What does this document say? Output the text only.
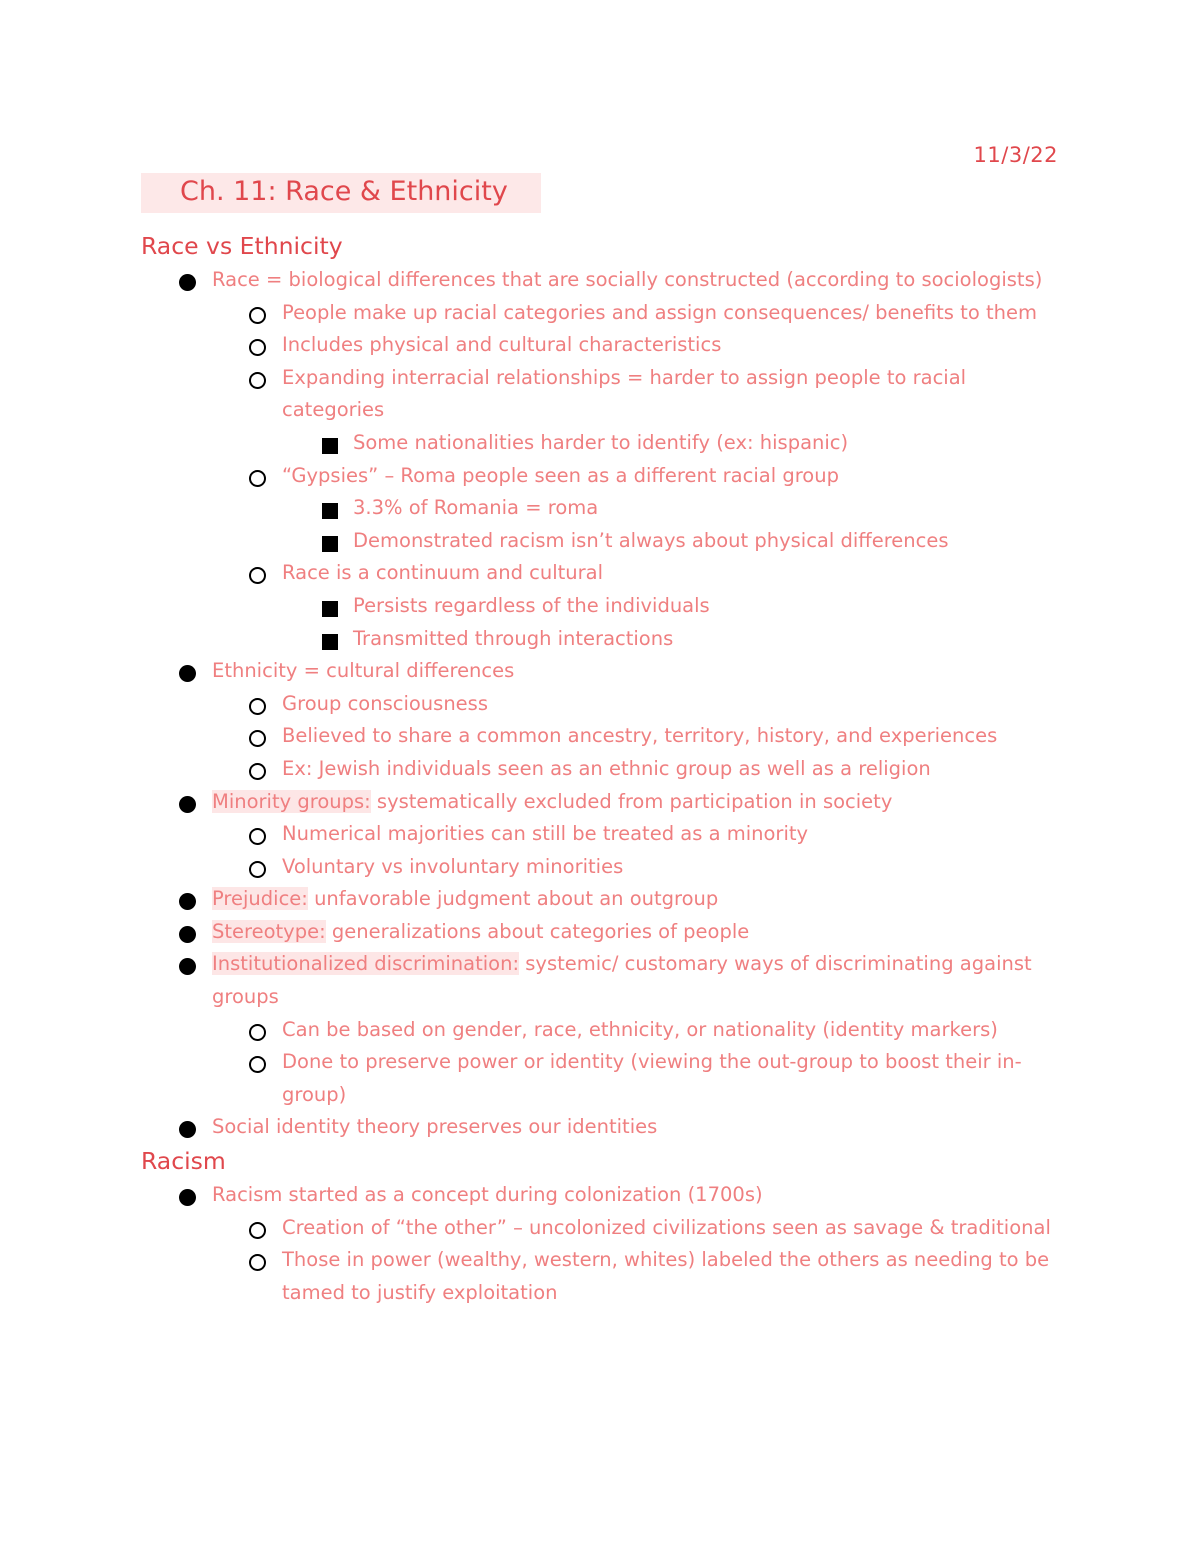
11/3/22
Ch. 11: Race & Ethnicity
Race vs Ethnicity
Race = biological differences that are socially constructed (according to sociologists)
People make up racial categories and assign consequences/ benefits to them
Includes physical and cultural characteristics
Expanding interracial relationships = harder to assign people to racial categories
Some nationalities harder to identify (ex: hispanic)
“Gypsies” – Roma people seen as a different racial group
3.3% of Romania = roma
Demonstrated racism isn’t always about physical differences
Race is a continuum and cultural
Persists regardless of the individuals
Transmitted through interactions
Ethnicity = cultural differences
Group consciousness
Believed to share a common ancestry, territory, history, and experiences
Ex: Jewish individuals seen as an ethnic group as well as a religion
Minority groups: systematically excluded from participation in society
Numerical majorities can still be treated as a minority
Voluntary vs involuntary minorities
Prejudice: unfavorable judgment about an outgroup
Stereotype: generalizations about categories of people
Institutionalized discrimination: systemic/ customary ways of discriminating against groups
Can be based on gender, race, ethnicity, or nationality (identity markers)
Done to preserve power or identity (viewing the out-group to boost their in-group)
Social identity theory preserves our identities
Racism
Racism started as a concept during colonization (1700s)
Creation of “the other” – uncolonized civilizations seen as savage & traditional
Those in power (wealthy, western, whites) labeled the others as needing to be tamed to justify exploitation
